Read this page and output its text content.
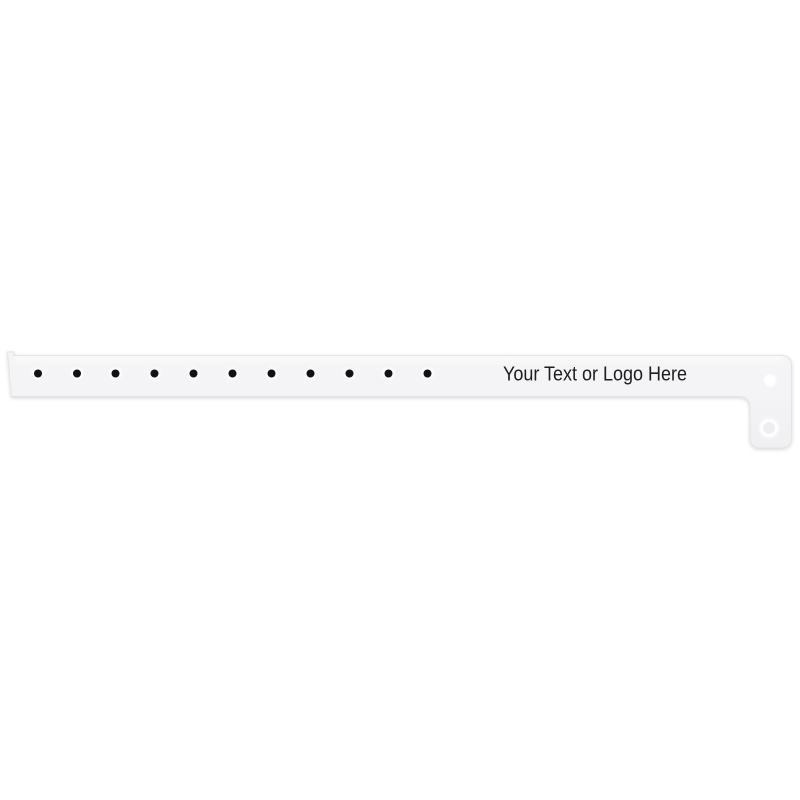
Your Text or Logo Here
